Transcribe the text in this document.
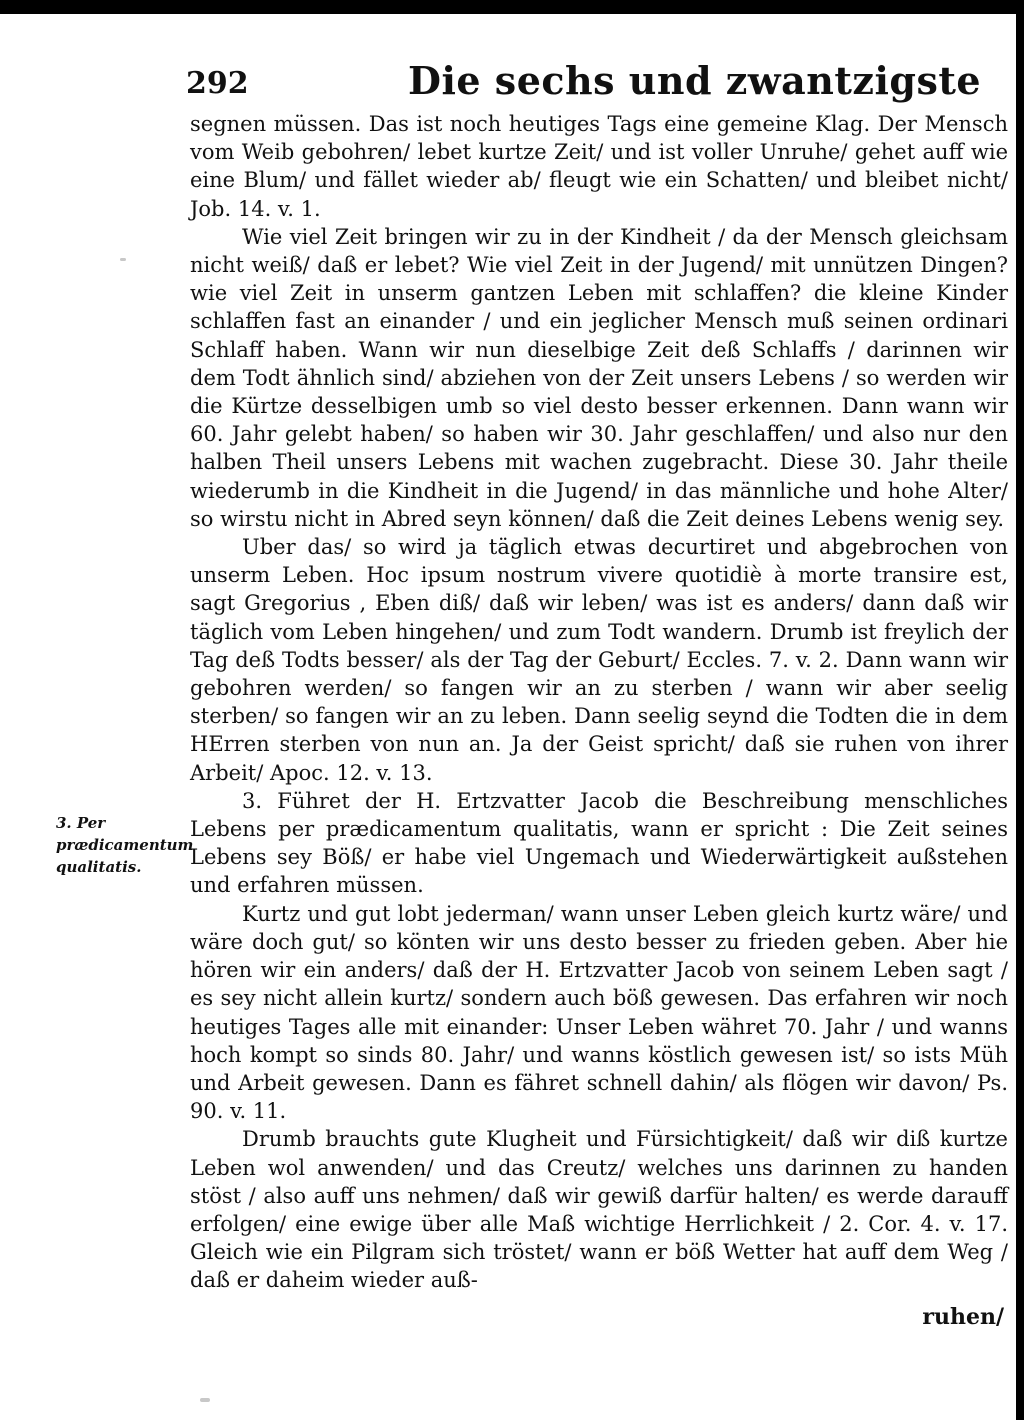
292	Die sechs und zwantzigste
3. Per prædicamentum qualitatis.

segnen müssen. Das ist noch heutiges Tags eine gemeine Klag. Der Mensch vom Weib gebohren/ lebet kurtze Zeit/ und ist voller Unruhe/ gehet auff wie eine Blum/ und fället wieder ab/ fleugt wie ein Schatten/ und bleibet nicht/ Job. 14. v. 1.

Wie viel Zeit bringen wir zu in der Kindheit / da der Mensch gleichsam nicht weiß/ daß er lebet? Wie viel Zeit in der Jugend/ mit unnützen Dingen? wie viel Zeit in unserm gantzen Leben mit schlaffen? die kleine Kinder schlaffen fast an einander / und ein jeglicher Mensch muß seinen ordinari Schlaff haben. Wann wir nun dieselbige Zeit deß Schlaffs / darinnen wir dem Todt ähnlich sind/ abziehen von der Zeit unsers Lebens / so werden wir die Kürtze desselbigen umb so viel desto besser erkennen. Dann wann wir 60. Jahr gelebt haben/ so haben wir 30. Jahr geschlaffen/ und also nur den halben Theil unsers Lebens mit wachen zugebracht. Diese 30. Jahr theile wiederumb in die Kindheit in die Jugend/ in das männliche und hohe Alter/ so wirstu nicht in Abred seyn können/ daß die Zeit deines Lebens wenig sey.

Uber das/ so wird ja täglich etwas decurtiret und abgebrochen von unserm Leben. Hoc ipsum nostrum vivere quotidiè à morte transire est, sagt Gregorius , Eben diß/ daß wir leben/ was ist es anders/ dann daß wir täglich vom Leben hingehen/ und zum Todt wandern. Drumb ist freylich der Tag deß Todts besser/ als der Tag der Geburt/ Eccles. 7. v. 2. Dann wann wir gebohren werden/ so fangen wir an zu sterben / wann wir aber seelig sterben/ so fangen wir an zu leben. Dann seelig seynd die Todten die in dem HErren sterben von nun an. Ja der Geist spricht/ daß sie ruhen von ihrer Arbeit/ Apoc. 12. v. 13.

3. Führet der H. Ertzvatter Jacob die Beschreibung menschliches Lebens per prædicamentum qualitatis, wann er spricht : Die Zeit seines Lebens sey Böß/ er habe viel Ungemach und Wiederwärtigkeit außstehen und erfahren müssen.

Kurtz und gut lobt jederman/ wann unser Leben gleich kurtz wäre/ und wäre doch gut/ so könten wir uns desto besser zu frieden geben. Aber hie hören wir ein anders/ daß der H. Ertzvatter Jacob von seinem Leben sagt / es sey nicht allein kurtz/ sondern auch böß gewesen. Das erfahren wir noch heutiges Tages alle mit einander: Unser Leben währet 70. Jahr / und wanns hoch kompt so sinds 80. Jahr/ und wanns köstlich gewesen ist/ so ists Müh und Arbeit gewesen. Dann es fähret schnell dahin/ als flögen wir davon/ Ps. 90. v. 11.

Drumb brauchts gute Klugheit und Fürsichtigkeit/ daß wir diß kurtze Leben wol anwenden/ und das Creutz/ welches uns darinnen zu handen stöst / also auff uns nehmen/ daß wir gewiß darfür halten/ es werde darauff erfolgen/ eine ewige über alle Maß wichtige Herrlichkeit / 2. Cor. 4. v. 17. Gleich wie ein Pilgram sich tröstet/ wann er böß Wetter hat auff dem Weg / daß er daheim wieder auß-

ruhen/
